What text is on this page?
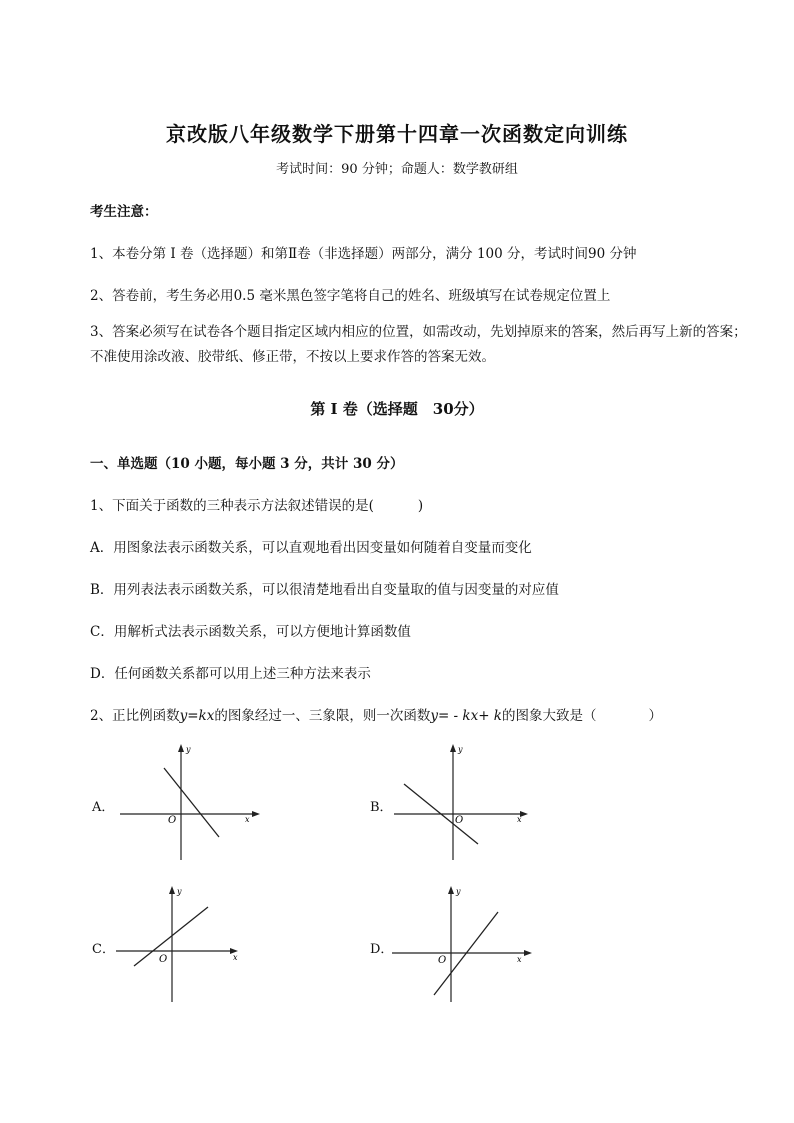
京改版八年级数学下册第十四章一次函数定向训练
考试时间：90 分钟；命题人：数学教研组
考生注意：
1、本卷分第 I 卷（选择题）和第Ⅱ卷（非选择题）两部分，满分 100 分，考试时间90 分钟
2、答卷前，考生务必用0.5 毫米黑色签字笔将自己的姓名、班级填写在试卷规定位置上
3、答案必须写在试卷各个题目指定区域内相应的位置，如需改动，先划掉原来的答案，然后再写上新的答案；不准使用涂改液、胶带纸、修正带，不按以上要求作答的答案无效。
第 I 卷（选择题　30分）
一、单选题（10 小题，每小题 3 分，共计 30 分）
1、下面关于函数的三种表示方法叙述错误的是(	)
A．用图象法表示函数关系，可以直观地看出因变量如何随着自变量而变化
B．用列表法表示函数关系，可以很清楚地看出自变量取的值与因变量的对应值
C．用解析式法表示函数关系，可以方便地计算函数值
D．任何函数关系都可以用上述三种方法来表示
2、正比例函数y=kx的图象经过一、三象限，则一次函数y= - kx+ k的图象大致是（	）
A．
x
y
O
B．
x
y
O
C．
x
y
O
D．
x
y
O
